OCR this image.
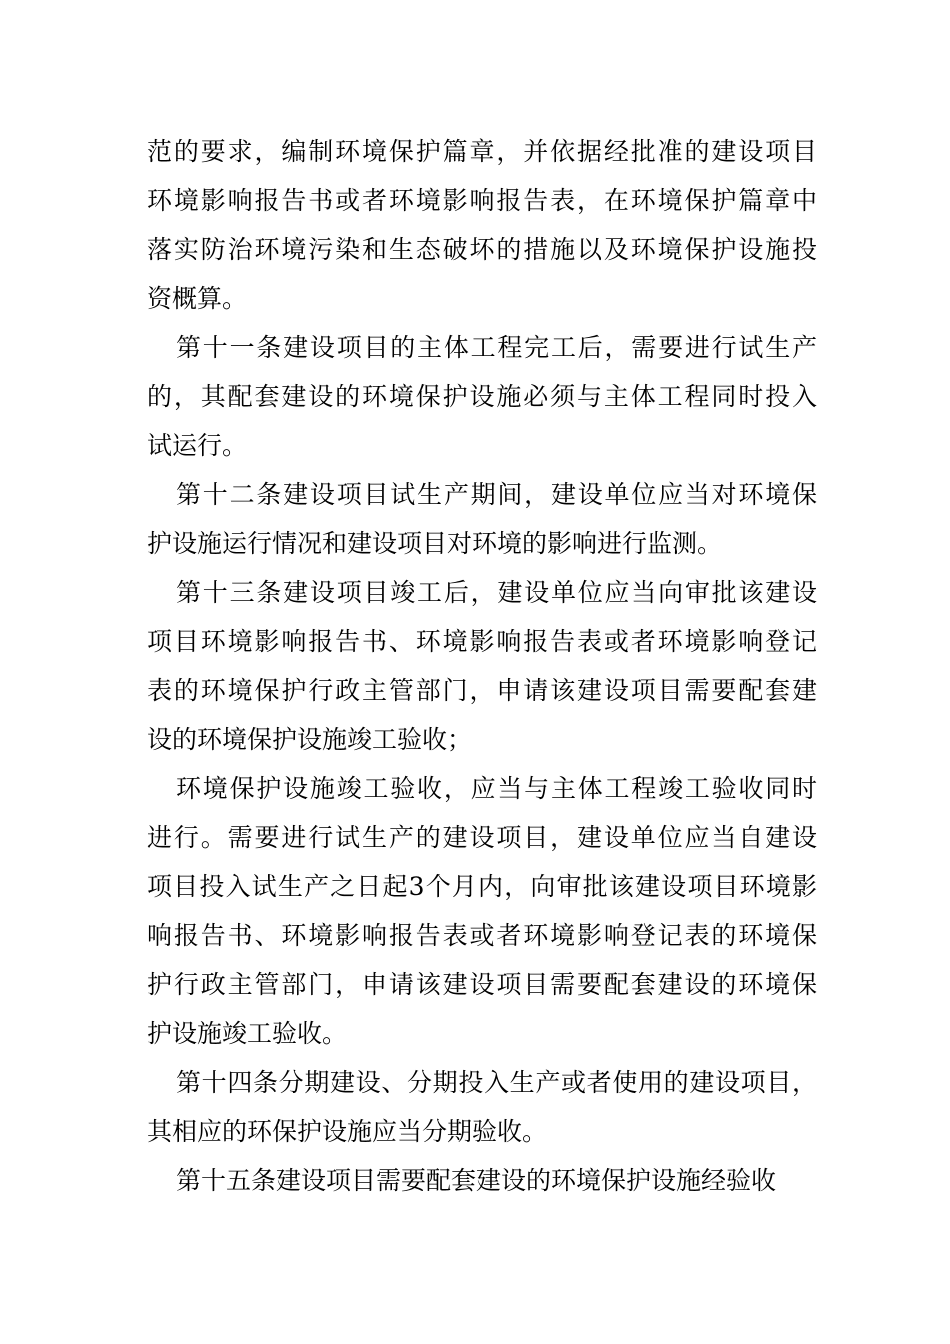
范的要求，编制环境保护篇章，并依据经批准的建设项目
环境影响报告书或者环境影响报告表，在环境保护篇章中
落实防治环境污染和生态破坏的措施以及环境保护设施投
资概算。
第十一条建设项目的主体工程完工后，需要进行试生产
的，其配套建设的环境保护设施必须与主体工程同时投入
试运行。
第十二条建设项目试生产期间，建设单位应当对环境保
护设施运行情况和建设项目对环境的影响进行监测。
第十三条建设项目竣工后，建设单位应当向审批该建设
项目环境影响报告书、环境影响报告表或者环境影响登记
表的环境保护行政主管部门，申请该建设项目需要配套建
设的环境保护设施竣工验收；
环境保护设施竣工验收，应当与主体工程竣工验收同时
进行。需要进行试生产的建设项目，建设单位应当自建设
项目投入试生产之日起3个月内，向审批该建设项目环境影
响报告书、环境影响报告表或者环境影响登记表的环境保
护行政主管部门，申请该建设项目需要配套建设的环境保
护设施竣工验收。
第十四条分期建设、分期投入生产或者使用的建设项目，
其相应的环保护设施应当分期验收。
第十五条建设项目需要配套建设的环境保护设施经验收
